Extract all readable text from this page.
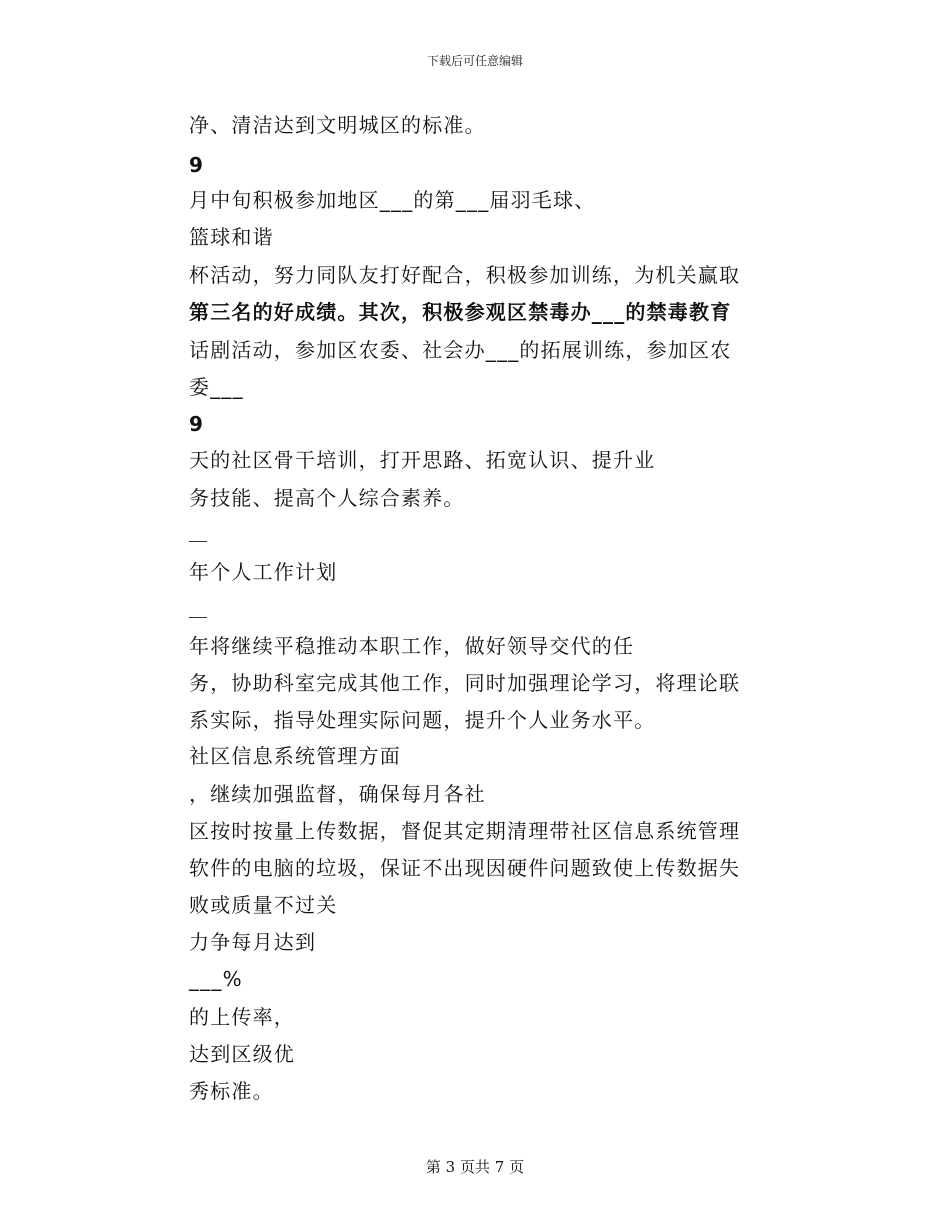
下载后可任意编辑
净、清洁达到文明城区的标准。
9
月中旬积极参加地区___的第___届羽毛球、
篮球和谐
杯活动，努力同队友打好配合，积极参加训练，为机关赢取
第三名的好成绩。其次，积极参观区禁毒办___的禁毒教育
话剧活动，参加区农委、社会办___的拓展训练，参加区农
委___
9
天的社区骨干培训，打开思路、拓宽认识、提升业
务技能、提高个人综合素养。
年个人工作计划
年将继续平稳推动本职工作，做好领导交代的任
务，协助科室完成其他工作，同时加强理论学习，将理论联
系实际，指导处理实际问题，提升个人业务水平。
社区信息系统管理方面
，继续加强监督，确保每月各社
区按时按量上传数据，督促其定期清理带社区信息系统管理
软件的电脑的垃圾，保证不出现因硬件问题致使上传数据失
败或质量不过关
力争每月达到
___%
的上传率，
达到区级优
秀标准。
第 3 页共 7 页
